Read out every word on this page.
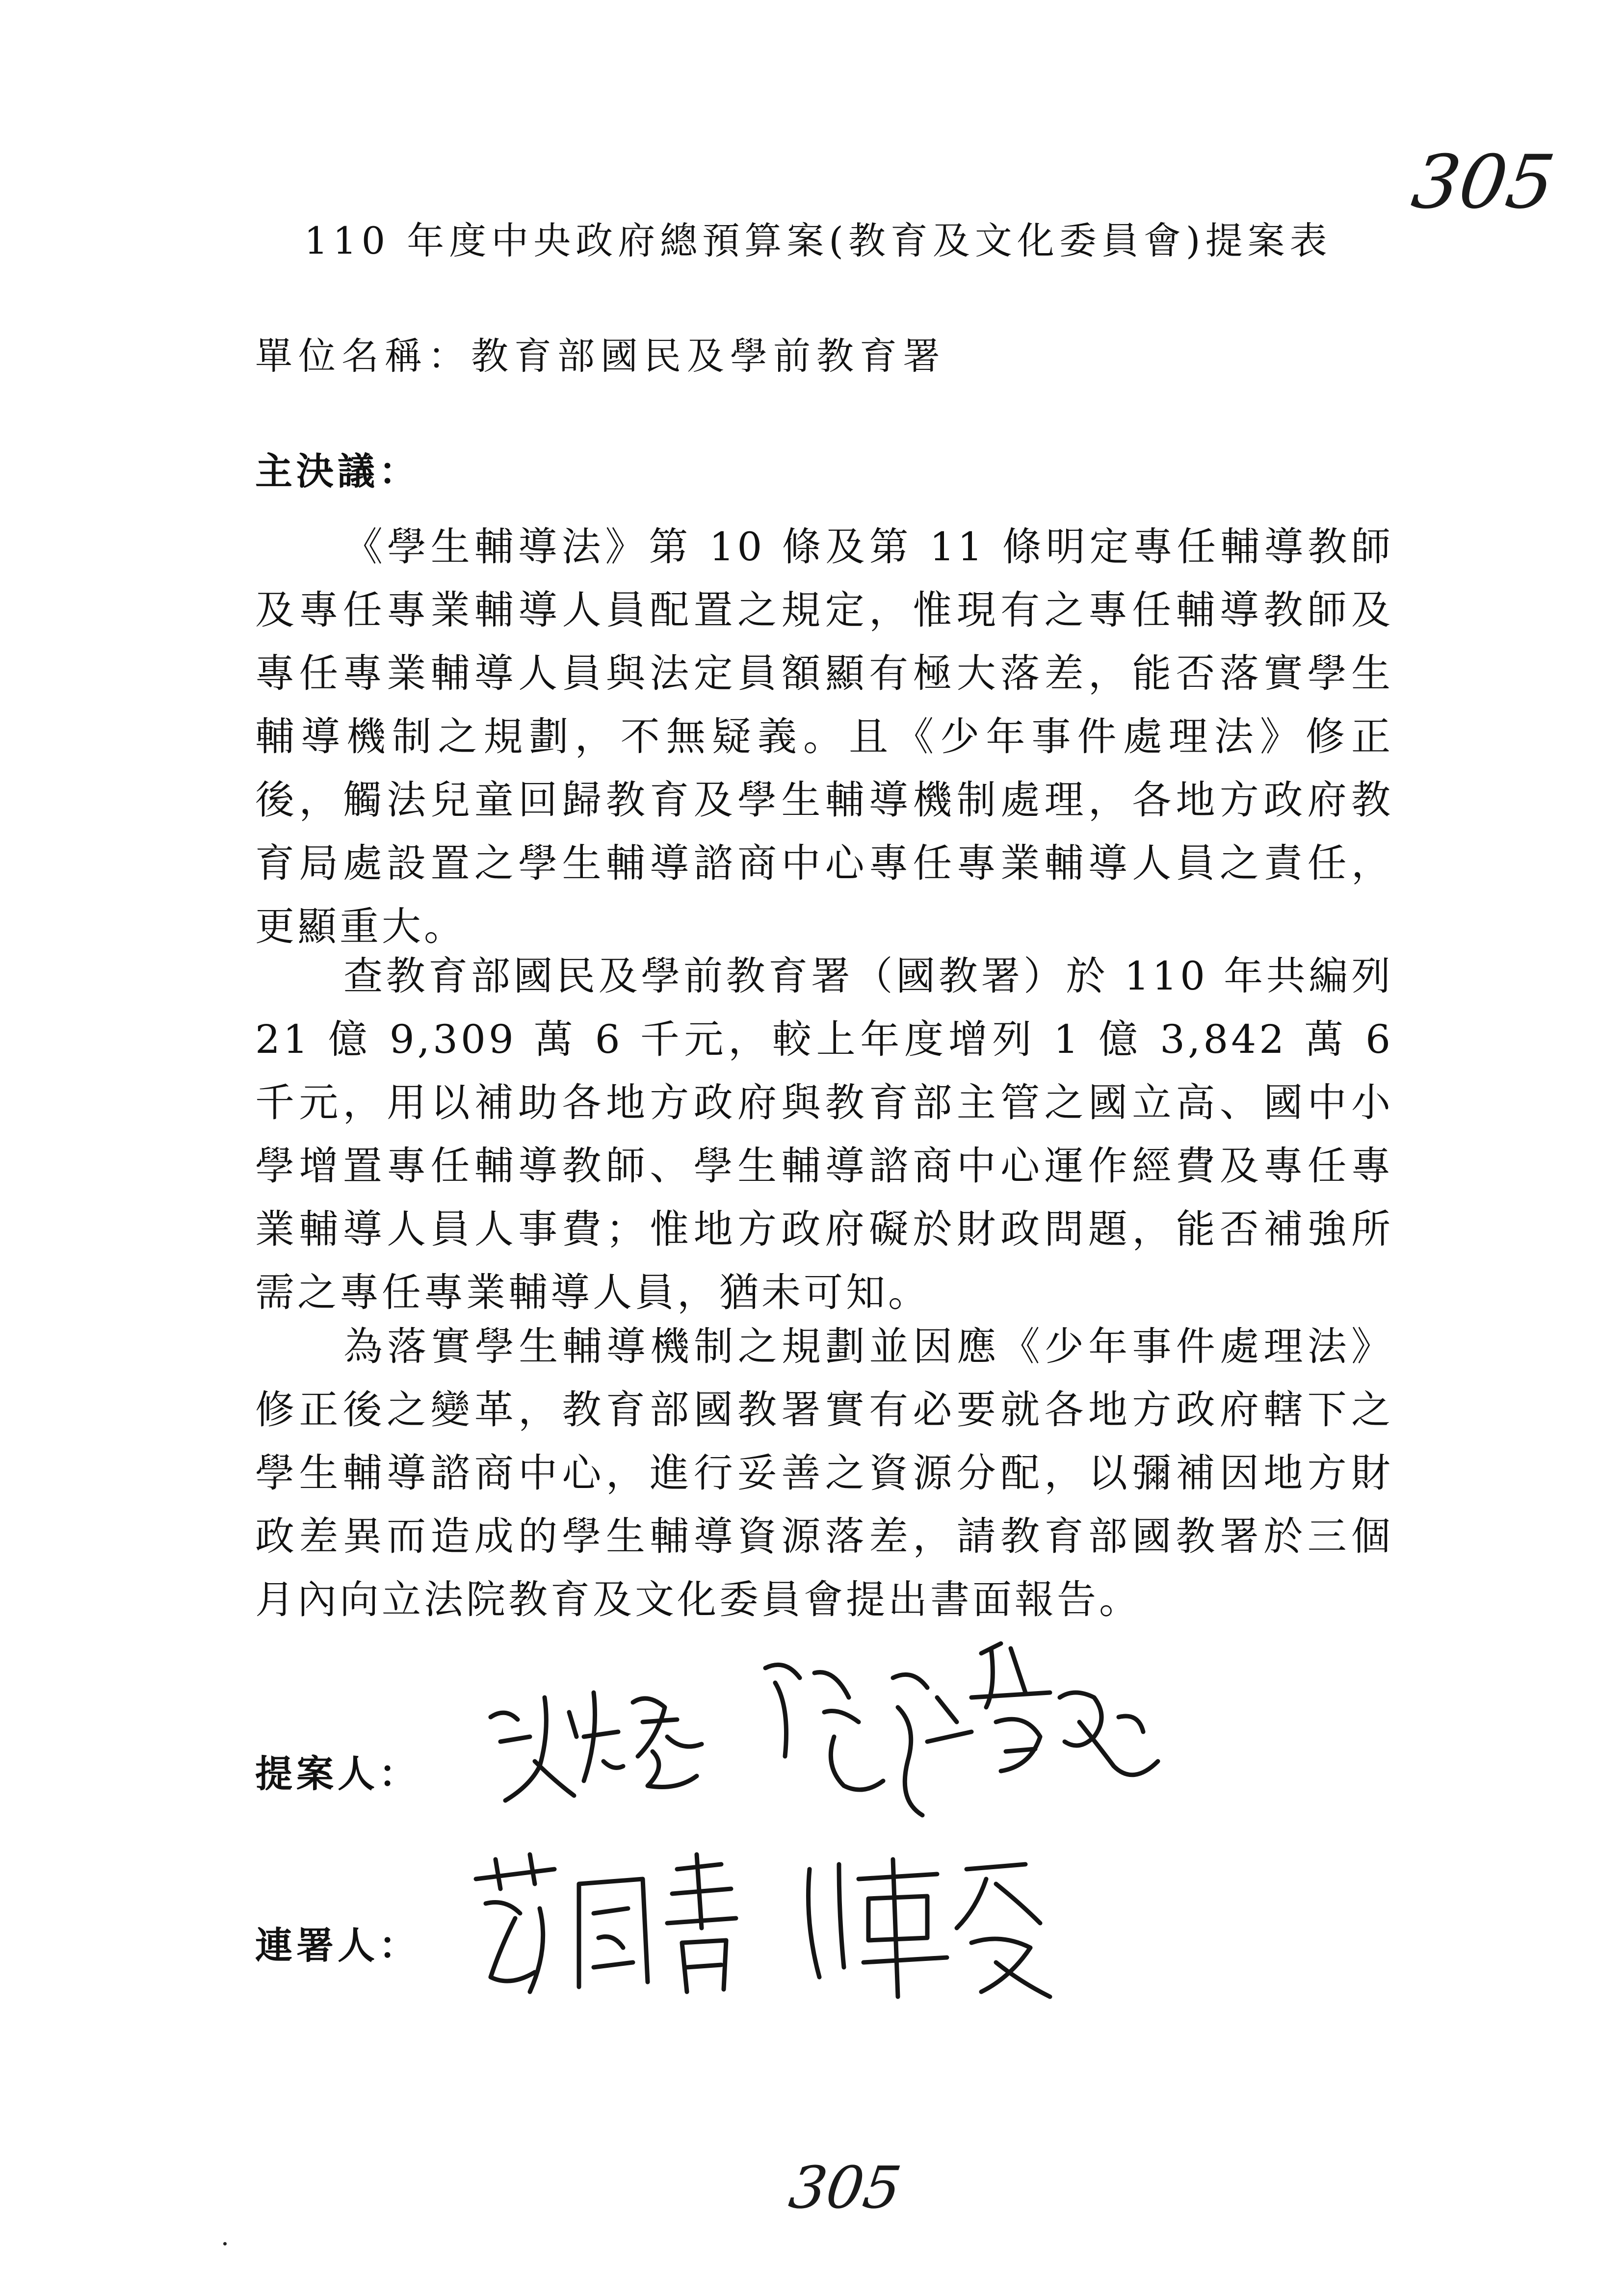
305
110 年度中央政府總預算案(教育及文化委員會)提案表
單位名稱：教育部國民及學前教育署
主決議：

《學生輔導法》第 10 條及第 11 條明定專任輔導教師及專任專業輔導人員配置之規定，惟現有之專任輔導教師及專任專業輔導人員與法定員額顯有極大落差，能否落實學生輔導機制之規劃，不無疑義。且《少年事件處理法》修正後，觸法兒童回歸教育及學生輔導機制處理，各地方政府教育局處設置之學生輔導諮商中心專任專業輔導人員之責任，更顯重大。

查教育部國民及學前教育署（國教署）於 110 年共編列 21 億 9,309 萬 6 千元，較上年度增列 1 億 3,842 萬 6 千元，用以補助各地方政府與教育部主管之國立高、國中小學增置專任輔導教師、學生輔導諮商中心運作經費及專任專業輔導人員人事費；惟地方政府礙於財政問題，能否補強所需之專任專業輔導人員，猶未可知。

為落實學生輔導機制之規劃並因應《少年事件處理法》修正後之變革，教育部國教署實有必要就各地方政府轄下之學生輔導諮商中心，進行妥善之資源分配，以彌補因地方財政差異而造成的學生輔導資源落差，請教育部國教署於三個月內向立法院教育及文化委員會提出書面報告。

提案人：
連署人：
305
